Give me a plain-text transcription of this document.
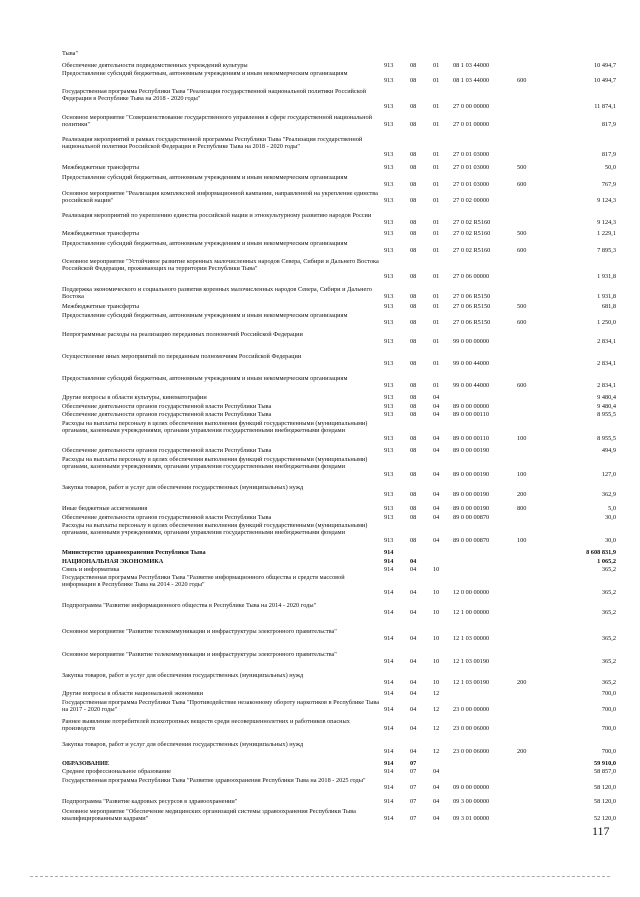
Тыва"
Обеспечение деятельности подведомственных учреждений культуры	913	08	01	08 1 03 44000	10 494,7
Предоставление субсидий бюджетным, автономным учреждениям и иным некоммерческим организациям
913	08	01	08 1 03 44000	600	10 494,7
Государственная программа Республики Тыва "Реализация государственной национальной политики Российской Федерации в Республике Тыва на 2018 - 2020 годы"
913	08	01	27 0 00 00000	11 874,1
Основное мероприятие "Совершенствование государственного управления в сфере государственной национальной политики"	913	08	01	27 0 01 00000	817,9
Реализация мероприятий в рамках государственной программы Республики Тыва "Реализация государственной национальной политики Российской Федерации в Республике Тыва на 2018 - 2020 годы"
913	08	01	27 0 01 03000	817,9
Межбюджетные трансферты	913	08	01	27 0 01 03000	500	50,0
Предоставление субсидий бюджетным, автономным учреждениям и иным некоммерческим организациям
913	08	01	27 0 01 03000	600	767,9
Основное мероприятие "Реализация комплексной информационной кампании, направленной на укрепление единства российской нации"	913	08	01	27 0 02 00000	9 124,3
Реализация мероприятий по укреплению единства российской нации и этнокультурному развитию народов России
913	08	01	27 0 02 R5160	9 124,3
Межбюджетные трансферты	913	08	01	27 0 02 R5160	500	1 229,1
Предоставление субсидий бюджетным, автономным учреждениям и иным некоммерческим организациям
913	08	01	27 0 02 R5160	600	7 895,3
Основное мероприятие "Устойчивое развитие коренных малочисленных народов Севера, Сибири и Дальнего Востока Российской Федерации, проживающих на территории Республики Тыва"
913	08	01	27 0 06 00000	1 931,8
Поддержка экономического и социального развития коренных малочисленных народов Севера, Сибири и Дальнего Востока	913	08	01	27 0 06 R5150	1 931,8
Межбюджетные трансферты	913	08	01	27 0 06 R5150	500	681,8
Предоставление субсидий бюджетным, автономным учреждениям и иным некоммерческим организациям
913	08	01	27 0 06 R5150	600	1 250,0
Непрограммные расходы на реализацию переданных полномочий Российской Федерации
913	08	01	99 0 00 00000	2 834,1
Осуществление иных мероприятий по переданным полномочиям Российской Федерации
913	08	01	99 0 00 44000	2 834,1
Предоставление субсидий бюджетным, автономным учреждениям и иным некоммерческим организациям
913	08	01	99 0 00 44000	600	2 834,1
Другие вопросы в области культуры, кинематографии	913	08	04	9 480,4
Обеспечение деятельности органов государственной власти Республики Тыва	913	08	04	89 0 00 00000	9 480,4
Обеспечение деятельности органов государственной власти Республики Тыва	913	08	04	89 0 00 00110	8 955,5
Расходы на выплаты персоналу в целях обеспечения выполнения функций государственными (муниципальными) органами, казенными учреждениями, органами управления государственными внебюджетными фондами
913	08	04	89 0 00 00110	100	8 955,5
Обеспечение деятельности органов государственной власти Республики Тыва	913	08	04	89 0 00 00190	494,9
Расходы на выплаты персоналу в целях обеспечения выполнения функций государственными (муниципальными) органами, казенными учреждениями, органами управления государственными внебюджетными фондами
913	08	04	89 0 00 00190	100	127,0
Закупка товаров, работ и услуг для обеспечения государственных (муниципальных) нужд
913	08	04	89 0 00 00190	200	362,9
Иные бюджетные ассигнования	913	08	04	89 0 00 00190	800	5,0
Обеспечение деятельности органов государственной власти Республики Тыва	913	08	04	89 0 00 00870	30,0
Расходы на выплаты персоналу в целях обеспечения выполнения функций государственными (муниципальными) органами, казенными учреждениями, органами управления государственными внебюджетными фондами
913	08	04	89 0 00 00870	100	30,0
Министерство здравоохранения Республики Тыва	914	8 608 831,9
НАЦИОНАЛЬНАЯ ЭКОНОМИКА	914	04	1 065,2
Связь и информатика	914	04	10	365,2
Государственная программа Республики Тыва "Развитие информационного общества и средств массовой информации в Республике Тыва на 2014 - 2020 годы"
914	04	10	12 0 00 00000	365,2
Подпрограмма "Развитие информационного общества в Республике Тыва на 2014 - 2020 годы"
914	04	10	12 1 00 00000	365,2
Основное мероприятие "Развитие телекоммуникации и инфраструктуры электронного правительства"
914	04	10	12 1 03 00000	365,2
Основное мероприятие "Развитие телекоммуникации и инфраструктуры электронного правительства"
914	04	10	12 1 03 00190	365,2
Закупка товаров, работ и услуг для обеспечения государственных (муниципальных) нужд
914	04	10	12 1 03 00190	200	365,2
Другие вопросы в области национальной экономики	914	04	12	700,0
Государственная программа Республики Тыва "Противодействие незаконному обороту наркотиков в Республике Тыва на 2017 - 2020 годы"	914	04	12	23 0 00 00000	700,0
Раннее выявление потребителей психотропных веществ среди несовершеннолетних и работников опасных производств	914	04	12	23 0 00 06000	700,0
Закупка товаров, работ и услуг для обеспечения государственных (муниципальных) нужд
914	04	12	23 0 00 06000	200	700,0
ОБРАЗОВАНИЕ	914	07	59 910,0
Среднее профессиональное образование	914	07	04	58 857,0
Государственная программа Республики Тыва "Развитие здравоохранения Республики Тыва на 2018 - 2025 годы"
914	07	04	09 0 00 00000	58 120,0
Подпрограмма "Развитие кадровых ресурсов в здравоохранении"	914	07	04	09 3 00 00000	58 120,0
Основное мероприятие "Обеспечение медицинских организаций системы здравоохранения Республики Тыва квалифицированными кадрами"	914	07	04	09 3 01 00000	52 120,0
117
